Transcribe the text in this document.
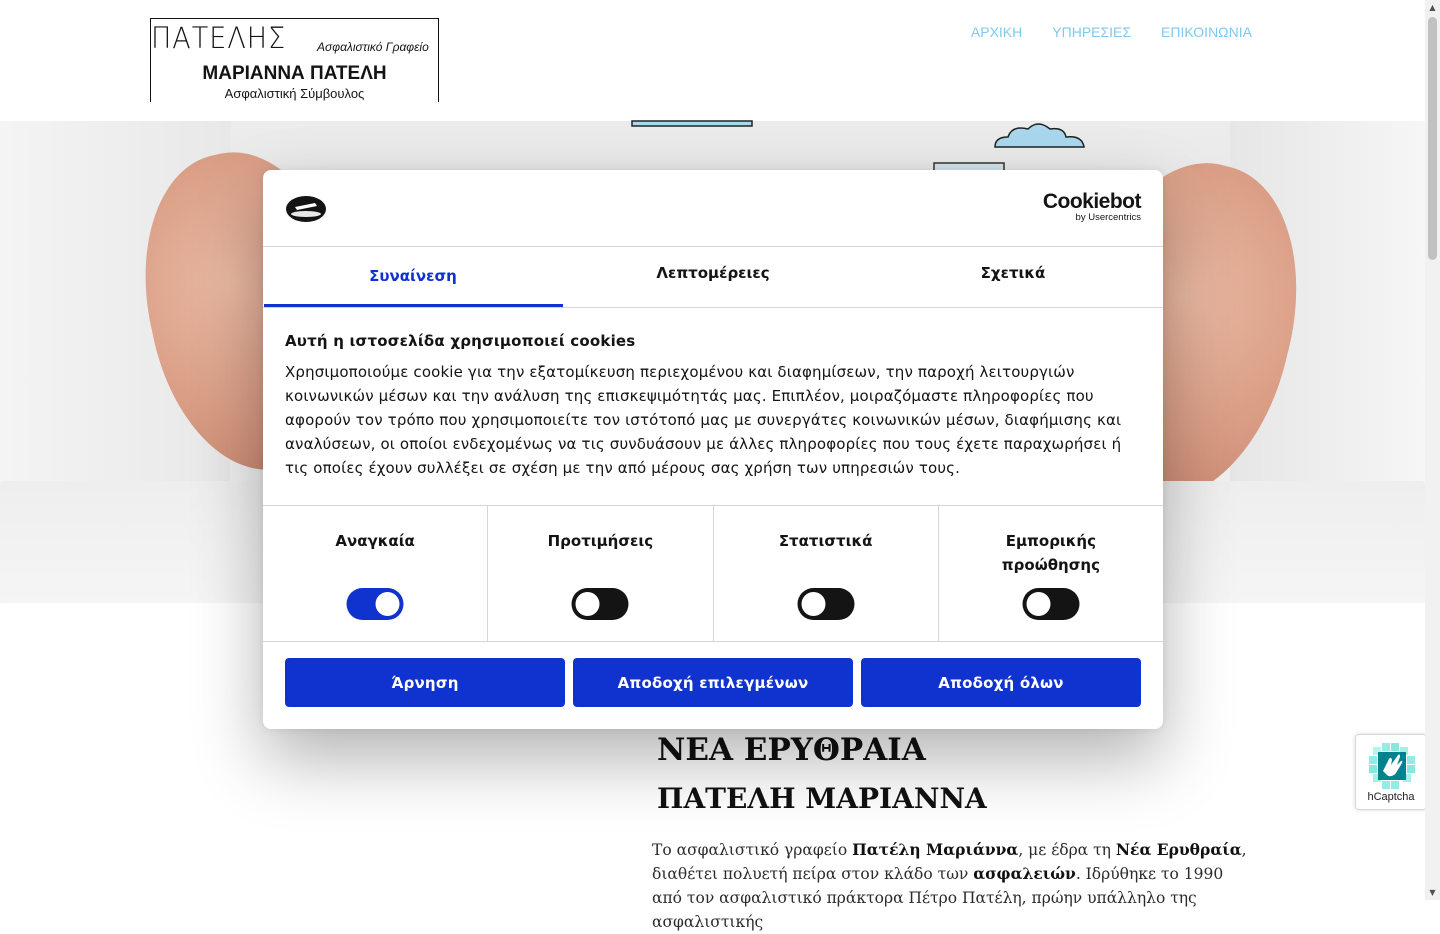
ΠΑΤΕΛΗΣ	Ασφαλιστικό Γραφείο
ΜΑΡΙΑΝΝΑ ΠΑΤΕΛΗ
Ασφαλιστική Σύμβουλος
ΑΡΧΙΚΗ ΥΠΗΡΕΣΙΕΣ ΕΠΙΚΟΙΝΩΝΙΑ
ΝΕΑ ΕΡΥΘΡΑΙΑ
ΠΑΤΕΛΗ ΜΑΡΙΑΝΝΑ

Το ασφαλιστικό γραφείο Πατέλη Μαριάννα, με έδρα τη Νέα Ερυθραία, διαθέτει πολυετή πείρα στον κλάδο των ασφαλειών. Ιδρύθηκε το 1990 από τον ασφαλιστικό πράκτορα Πέτρο Πατέλη, πρώην υπάλληλο της ασφαλιστικής

hCaptcha
▲
▼
Cookiebot
by Usercentrics
Συναίνεση	Λεπτομέρειες	Σχετικά
Αυτή η ιστοσελίδα χρησιμοποιεί cookies

Χρησιμοποιούμε cookie για την εξατομίκευση περιεχομένου και διαφημίσεων, την παροχή λειτουργιών κοινωνικών μέσων και την ανάλυση της επισκεψιμότητάς μας. Επιπλέον, μοιραζόμαστε πληροφορίες που αφορούν τον τρόπο που χρησιμοποιείτε τον ιστότοπό μας με συνεργάτες κοινωνικών μέσων, διαφήμισης και αναλύσεων, οι οποίοι ενδεχομένως να τις συνδυάσουν με άλλες πληροφορίες που τους έχετε παραχωρήσει ή τις οποίες έχουν συλλέξει σε σχέση με την από μέρους σας χρήση των υπηρεσιών τους.

Αναγκαία	Προτιμήσεις	Στατιστικά	Εμπορικής προώθησης
Άρνηση	Αποδοχή επιλεγμένων	Αποδοχή όλων
